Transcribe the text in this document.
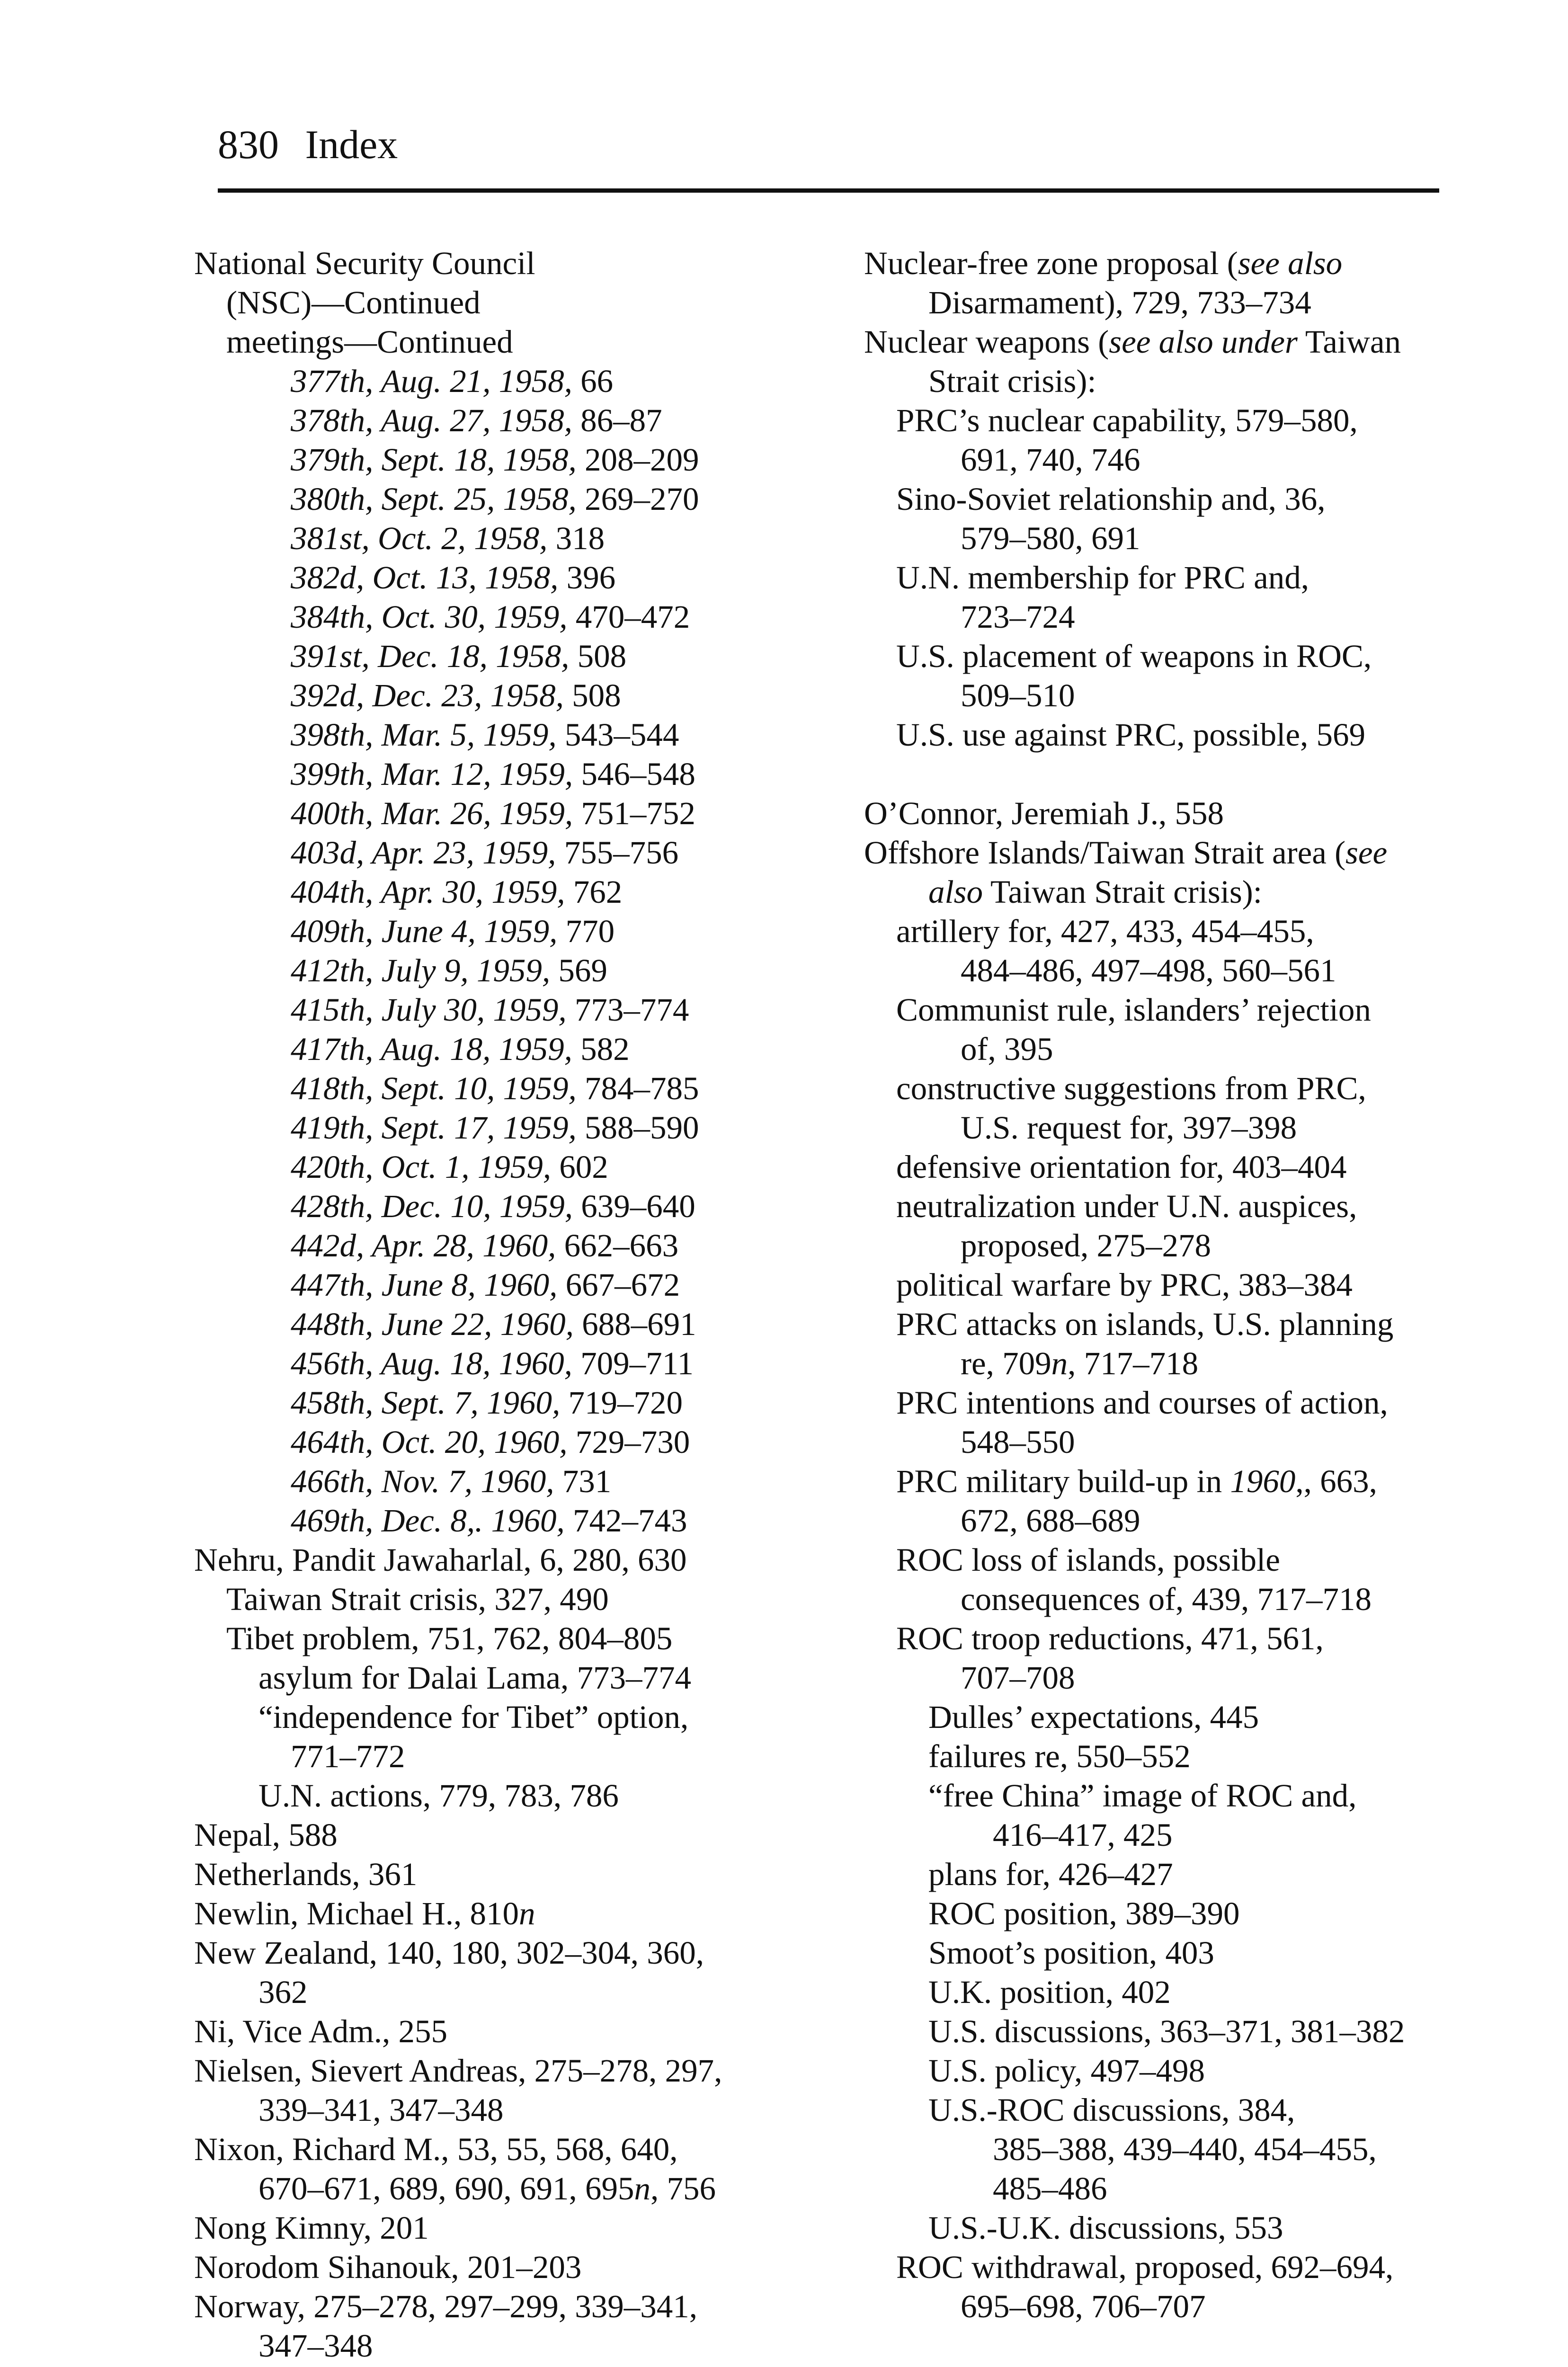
830 Index
National Security Council
(NSC)—Continued
meetings—Continued
377th, Aug. 21, 1958, 66
378th, Aug. 27, 1958, 86–87
379th, Sept. 18, 1958, 208–209
380th, Sept. 25, 1958, 269–270
381st, Oct. 2, 1958, 318
382d, Oct. 13, 1958, 396
384th, Oct. 30, 1959, 470–472
391st, Dec. 18, 1958, 508
392d, Dec. 23, 1958, 508
398th, Mar. 5, 1959, 543–544
399th, Mar. 12, 1959, 546–548
400th, Mar. 26, 1959, 751–752
403d, Apr. 23, 1959, 755–756
404th, Apr. 30, 1959, 762
409th, June 4, 1959, 770
412th, July 9, 1959, 569
415th, July 30, 1959, 773–774
417th, Aug. 18, 1959, 582
418th, Sept. 10, 1959, 784–785
419th, Sept. 17, 1959, 588–590
420th, Oct. 1, 1959, 602
428th, Dec. 10, 1959, 639–640
442d, Apr. 28, 1960, 662–663
447th, June 8, 1960, 667–672
448th, June 22, 1960, 688–691
456th, Aug. 18, 1960, 709–711
458th, Sept. 7, 1960, 719–720
464th, Oct. 20, 1960, 729–730
466th, Nov. 7, 1960, 731
469th, Dec. 8,. 1960, 742–743
Nehru, Pandit Jawaharlal, 6, 280, 630
Taiwan Strait crisis, 327, 490
Tibet problem, 751, 762, 804–805
asylum for Dalai Lama, 773–774
“independence for Tibet” option,
771–772
U.N. actions, 779, 783, 786
Nepal, 588
Netherlands, 361
Newlin, Michael H., 810n
New Zealand, 140, 180, 302–304, 360,
362
Ni, Vice Adm., 255
Nielsen, Sievert Andreas, 275–278, 297,
339–341, 347–348
Nixon, Richard M., 53, 55, 568, 640,
670–671, 689, 690, 691, 695n, 756
Nong Kimny, 201
Norodom Sihanouk, 201–203
Norway, 275–278, 297–299, 339–341,
347–348
Nuclear-free zone proposal (see also
Disarmament), 729, 733–734
Nuclear weapons (see also under Taiwan
Strait crisis):
PRC’s nuclear capability, 579–580,
691, 740, 746
Sino-Soviet relationship and, 36,
579–580, 691
U.N. membership for PRC and,
723–724
U.S. placement of weapons in ROC,
509–510
U.S. use against PRC, possible, 569
O’Connor, Jeremiah J., 558
Offshore Islands/Taiwan Strait area (see
also Taiwan Strait crisis):
artillery for, 427, 433, 454–455,
484–486, 497–498, 560–561
Communist rule, islanders’ rejection
of, 395
constructive suggestions from PRC,
U.S. request for, 397–398
defensive orientation for, 403–404
neutralization under U.N. auspices,
proposed, 275–278
political warfare by PRC, 383–384
PRC attacks on islands, U.S. planning
re, 709n, 717–718
PRC intentions and courses of action,
548–550
PRC military build-up in 1960,, 663,
672, 688–689
ROC loss of islands, possible
consequences of, 439, 717–718
ROC troop reductions, 471, 561,
707–708
Dulles’ expectations, 445
failures re, 550–552
“free China” image of ROC and,
416–417, 425
plans for, 426–427
ROC position, 389–390
Smoot’s position, 403
U.K. position, 402
U.S. discussions, 363–371, 381–382
U.S. policy, 497–498
U.S.-ROC discussions, 384,
385–388, 439–440, 454–455,
485–486
U.S.-U.K. discussions, 553
ROC withdrawal, proposed, 692–694,
695–698, 706–707
